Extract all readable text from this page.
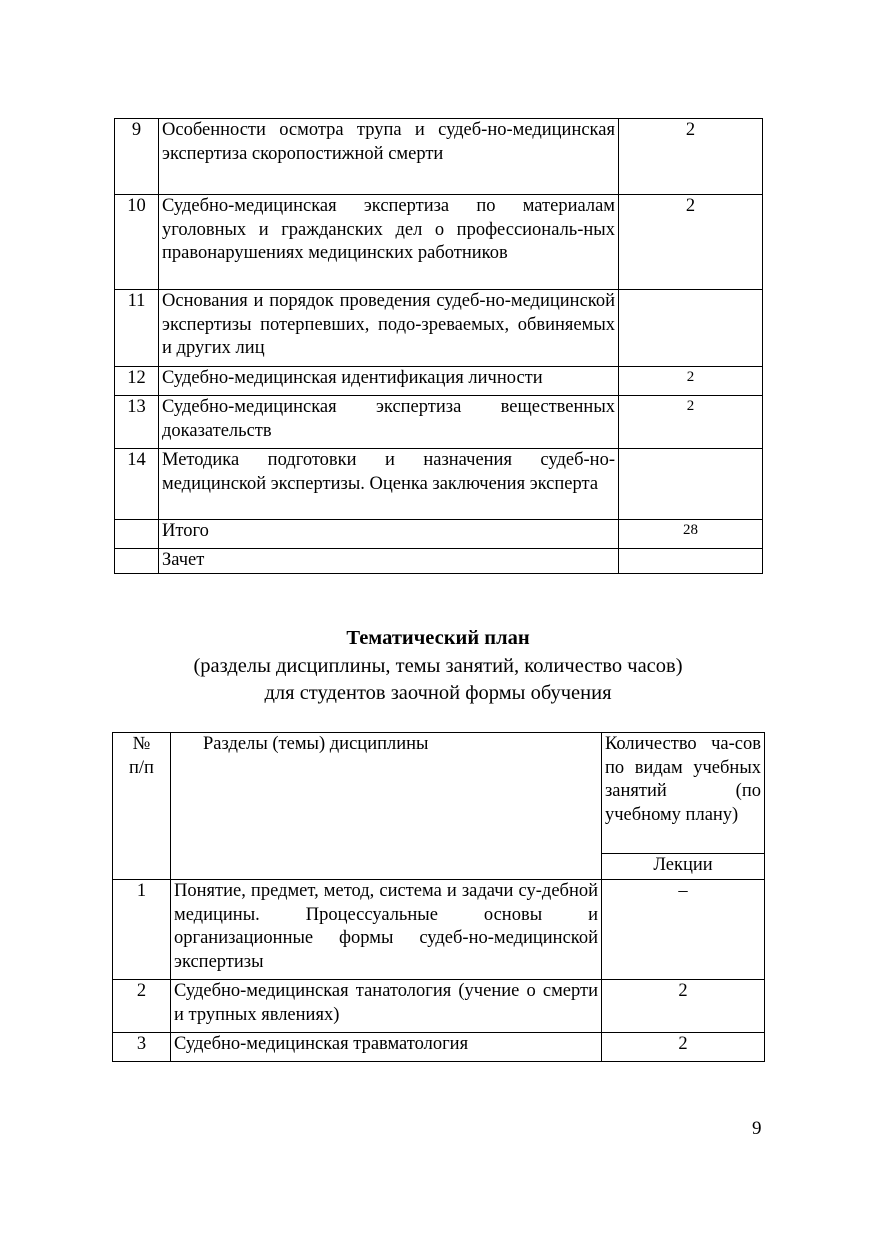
9	Особенности осмотра трупа и судеб-но-медицинская экспертиза скоропостижной смерти	2
10	Судебно-медицинская экспертиза по материалам уголовных и гражданских дел о профессиональ-ных правонарушениях медицинских работников	2
11	Основания и порядок проведения судеб-но-медицинской экспертизы потерпевших, подо-зреваемых, обвиняемых и других лиц	
12	Судебно-медицинская идентификация личности	2
13	Судебно-медицинская экспертиза вещественных доказательств	2
14	Методика подготовки и назначения судеб-но-медицинской экспертизы. Оценка заключения эксперта	
	Итого	28
	Зачет	
Тематический план
(разделы дисциплины, темы занятий, количество часов)
для студентов заочной формы обучения
№ п/п	Разделы (темы) дисциплины	Количество ча-сов по видам учебных занятий (по учебному плану)
		Лекции
1	Понятие, предмет, метод, система и задачи су-дебной медицины. Процессуальные основы и организационные формы судеб-но-медицинской экспертизы	–
2	Судебно-медицинская танатология (учение о смерти и трупных явлениях)	2
3	Судебно-медицинская травматология	2
9
